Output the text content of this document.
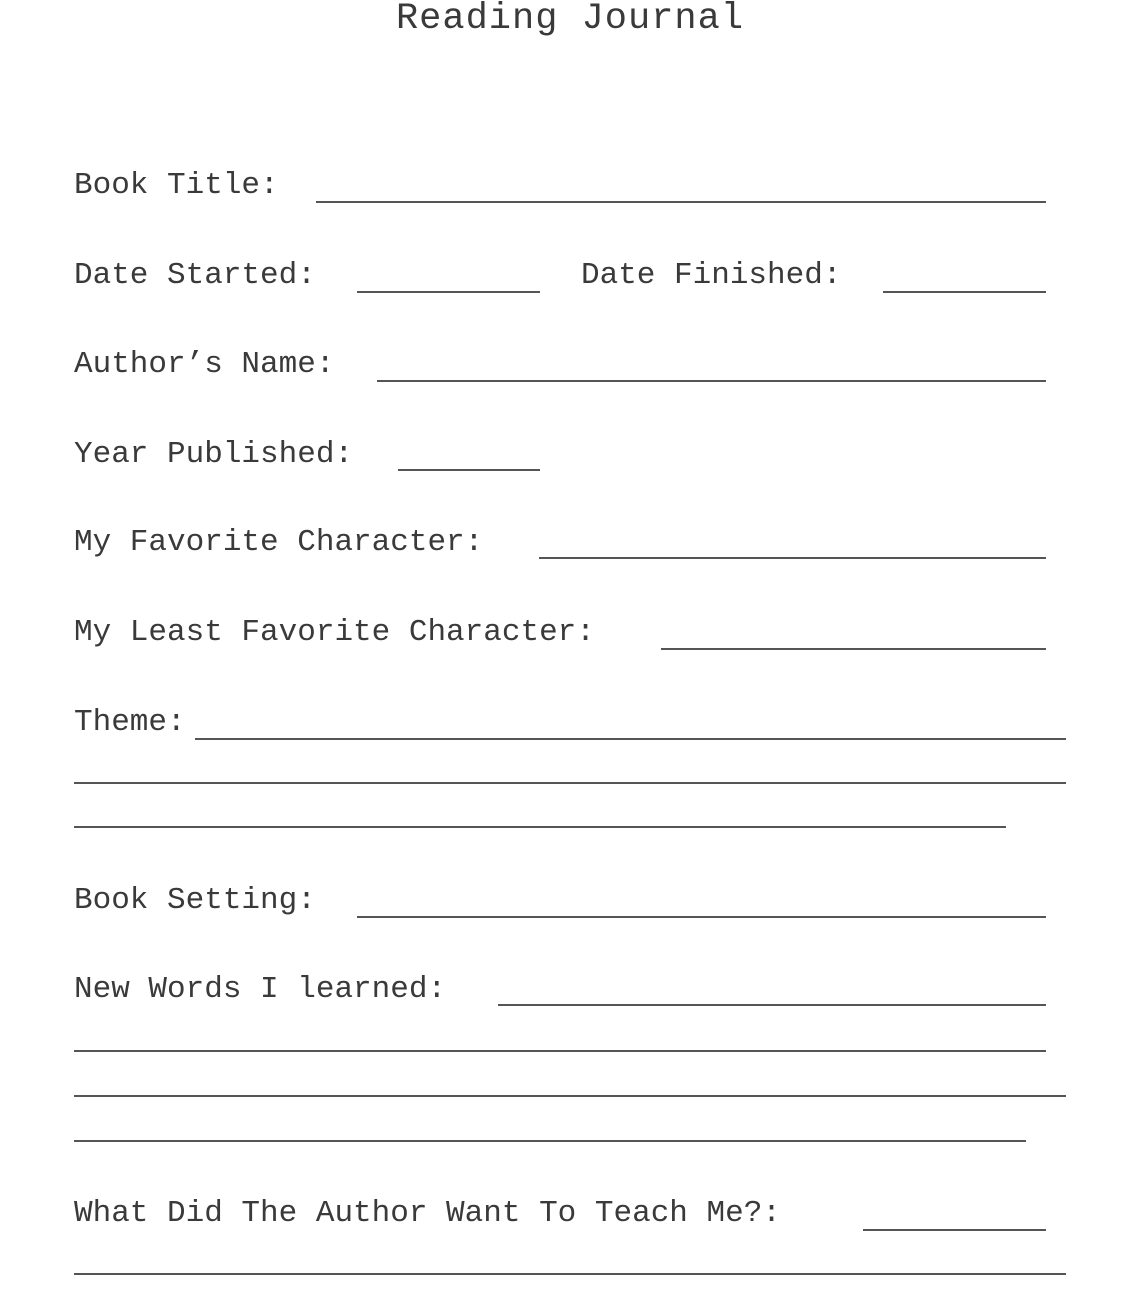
Reading Journal
Book Title:
Date Started:	Date Finished:
Author’s Name:
Year Published:
My Favorite Character:
My Least Favorite Character:
Theme:
Book Setting:
New Words I learned:
What Did The Author Want To Teach Me?:
